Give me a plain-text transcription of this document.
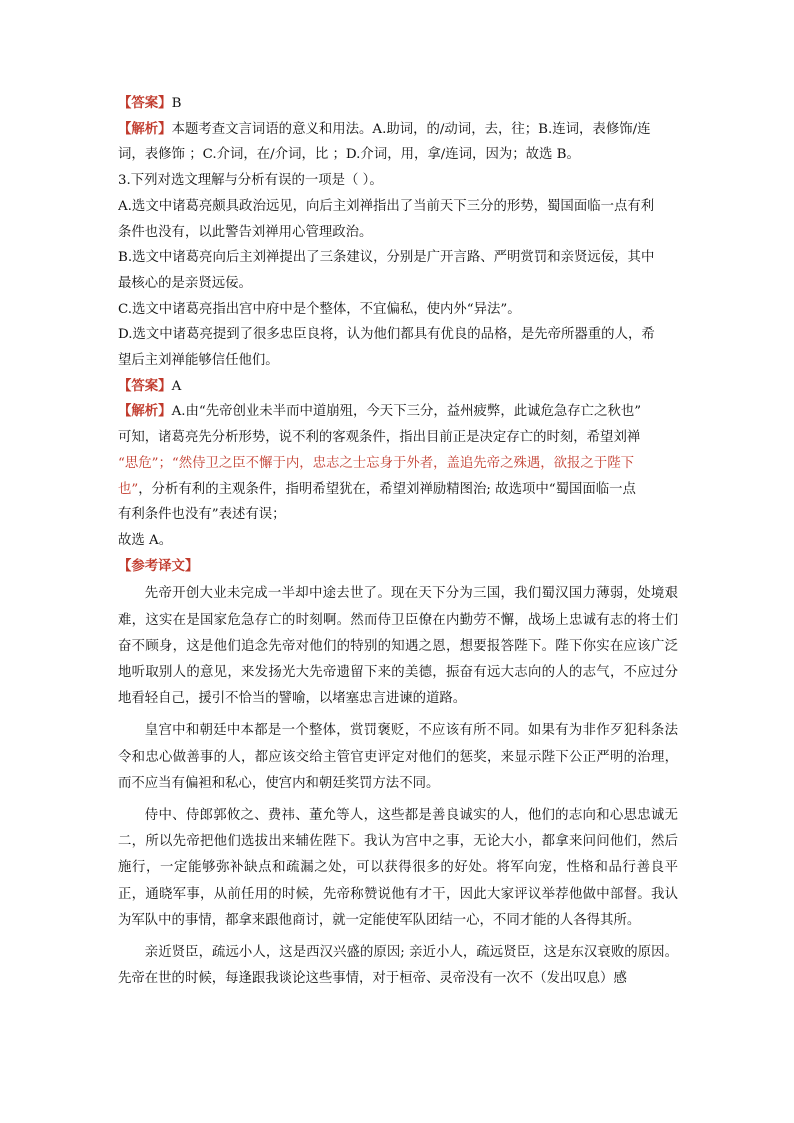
【答案】B

【解析】本题考查文言词语的意义和用法。A.助词，的/动词，去，往；B.连词，表修饰/连

词，表修饰 ；C.介词，在/介词，比 ；D.介词，用，拿/连词，因为；故选 B。

3.下列对选文理解与分析有误的一项是（ ）。

A.选文中诸葛亮颇具政治远见，向后主刘禅指出了当前天下三分的形势，蜀国面临一点有利

条件也没有，以此警告刘禅用心管理政治。

B.选文中诸葛亮向后主刘禅提出了三条建议，分别是广开言路、严明赏罚和亲贤远佞，其中

最核心的是亲贤远佞。

C.选文中诸葛亮指出宫中府中是个整体，不宜偏私，使内外“异法”。

D.选文中诸葛亮提到了很多忠臣良将，认为他们都具有优良的品格，是先帝所器重的人，希

望后主刘禅能够信任他们。

【答案】A

【解析】A.由“先帝创业未半而中道崩殂，今天下三分，益州疲弊，此诚危急存亡之秋也”

可知，诸葛亮先分析形势，说不利的客观条件，指出目前正是决定存亡的时刻，希望刘禅

“思危”；“然侍卫之臣不懈于内，忠志之士忘身于外者，盖追先帝之殊遇，欲报之于陛下

也”，分析有利的主观条件，指明希望犹在，希望刘禅励精图治; 故选项中“蜀国面临一点

有利条件也没有”表述有误；

故选 A。

【参考译文】

先帝开创大业未完成一半却中途去世了。现在天下分为三国，我们蜀汉国力薄弱，处境艰难，这实在是国家危急存亡的时刻啊。然而侍卫臣僚在内勤劳不懈，战场上忠诚有志的将士们奋不顾身，这是他们追念先帝对他们的特别的知遇之恩，想要报答陛下。陛下你实在应该广泛地听取别人的意见，来发扬光大先帝遗留下来的美德，振奋有远大志向的人的志气，不应过分地看轻自己，援引不恰当的譬喻，以堵塞忠言进谏的道路。

皇宫中和朝廷中本都是一个整体，赏罚褒贬，不应该有所不同。如果有为非作歹犯科条法令和忠心做善事的人，都应该交给主管官吏评定对他们的惩奖，来显示陛下公正严明的治理，而不应当有偏袒和私心，使宫内和朝廷奖罚方法不同。

侍中、侍郎郭攸之、费祎、董允等人，这些都是善良诚实的人，他们的志向和心思忠诚无二，所以先帝把他们选拔出来辅佐陛下。我认为宫中之事，无论大小，都拿来问问他们，然后施行，一定能够弥补缺点和疏漏之处，可以获得很多的好处。将军向宠，性格和品行善良平正，通晓军事，从前任用的时候，先帝称赞说他有才干，因此大家评议举荐他做中部督。我认为军队中的事情，都拿来跟他商讨，就一定能使军队团结一心，不同才能的人各得其所。

亲近贤臣，疏远小人，这是西汉兴盛的原因; 亲近小人，疏远贤臣，这是东汉衰败的原因。先帝在世的时候，每逢跟我谈论这些事情，对于桓帝、灵帝没有一次不（发出叹息）感
